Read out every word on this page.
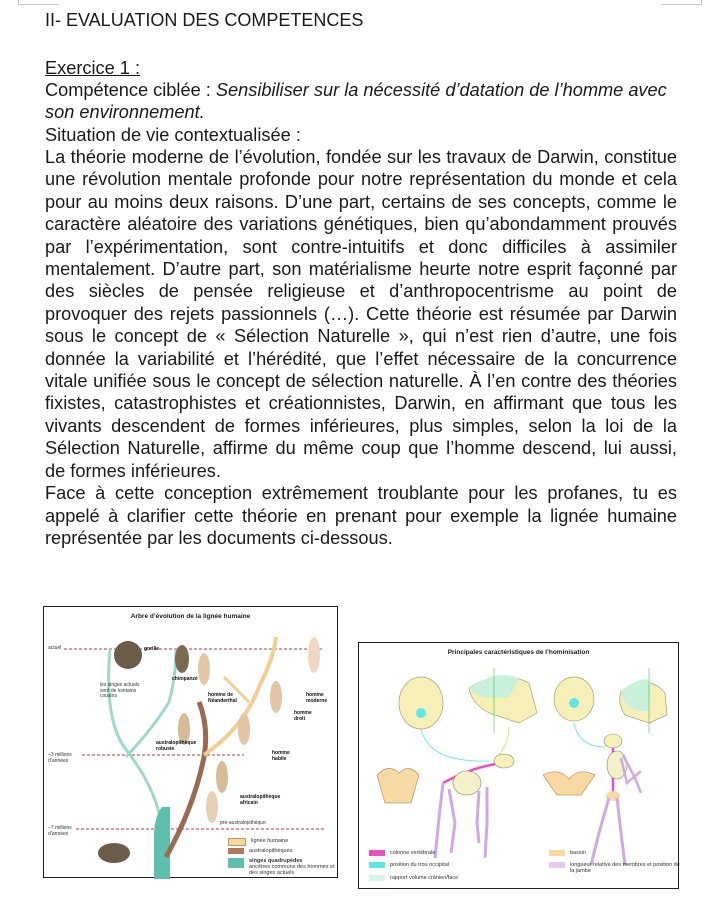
II- EVALUATION DES COMPETENCES
Exercice 1 :
Compétence ciblée : Sensibiliser sur la nécessité d’datation de l’homme avec son environnement.
Situation de vie contextualisée :

La théorie moderne de l’évolution, fondée sur les travaux de Darwin, constitue une révolution mentale profonde pour notre représentation du monde et cela pour au moins deux raisons. D’une part, certains de ses concepts, comme le caractère aléatoire des variations génétiques, bien qu’abondamment prouvés par l’expérimentation, sont contre-intuitifs et donc difficiles à assimiler mentalement. D’autre part, son matérialisme heurte notre esprit façonné par des siècles de pensée religieuse et d’anthropocentrisme au point de provoquer des rejets passionnels (…). Cette théorie est résumée par Darwin sous le concept de « Sélection Naturelle », qui n’est rien d’autre, une fois donnée la variabilité et l’hérédité, que l’effet nécessaire de la concurrence vitale unifiée sous le concept de sélection naturelle. À l’en contre des théories fixistes, catastrophistes et créationnistes, Darwin, en affirmant que tous les vivants descendent de formes inférieures, plus simples, selon la loi de la Sélection Naturelle, affirme du même coup que l’homme descend, lui aussi, de formes inférieures.

Face à cette conception extrêmement troublante pour les profanes, tu es appelé à clarifier cette théorie en prenant pour exemple la lignée humaine représentée par les documents ci-dessous.

Arbre d’évolution de la lignée humaine
actuel
−3 millions d’années
−7 millions d’années
gorille
chimpanzé
les singes actuels sont de lointains cousins	homme de Néanderthal
homme moderne
homme droit
homme habile
australopithèque robuste
australopithèque africain
pré-australopithèque
lignée humaine
australopithèques
singes quadrupèdes
ancêtres communs des hommes et des singes actuels
Principales caractéristiques de l’hominisation
colonne vertébrale	bassin
position du trou occipital	longueur relative des membres et position de la jambe
rapport volume crânien/face
